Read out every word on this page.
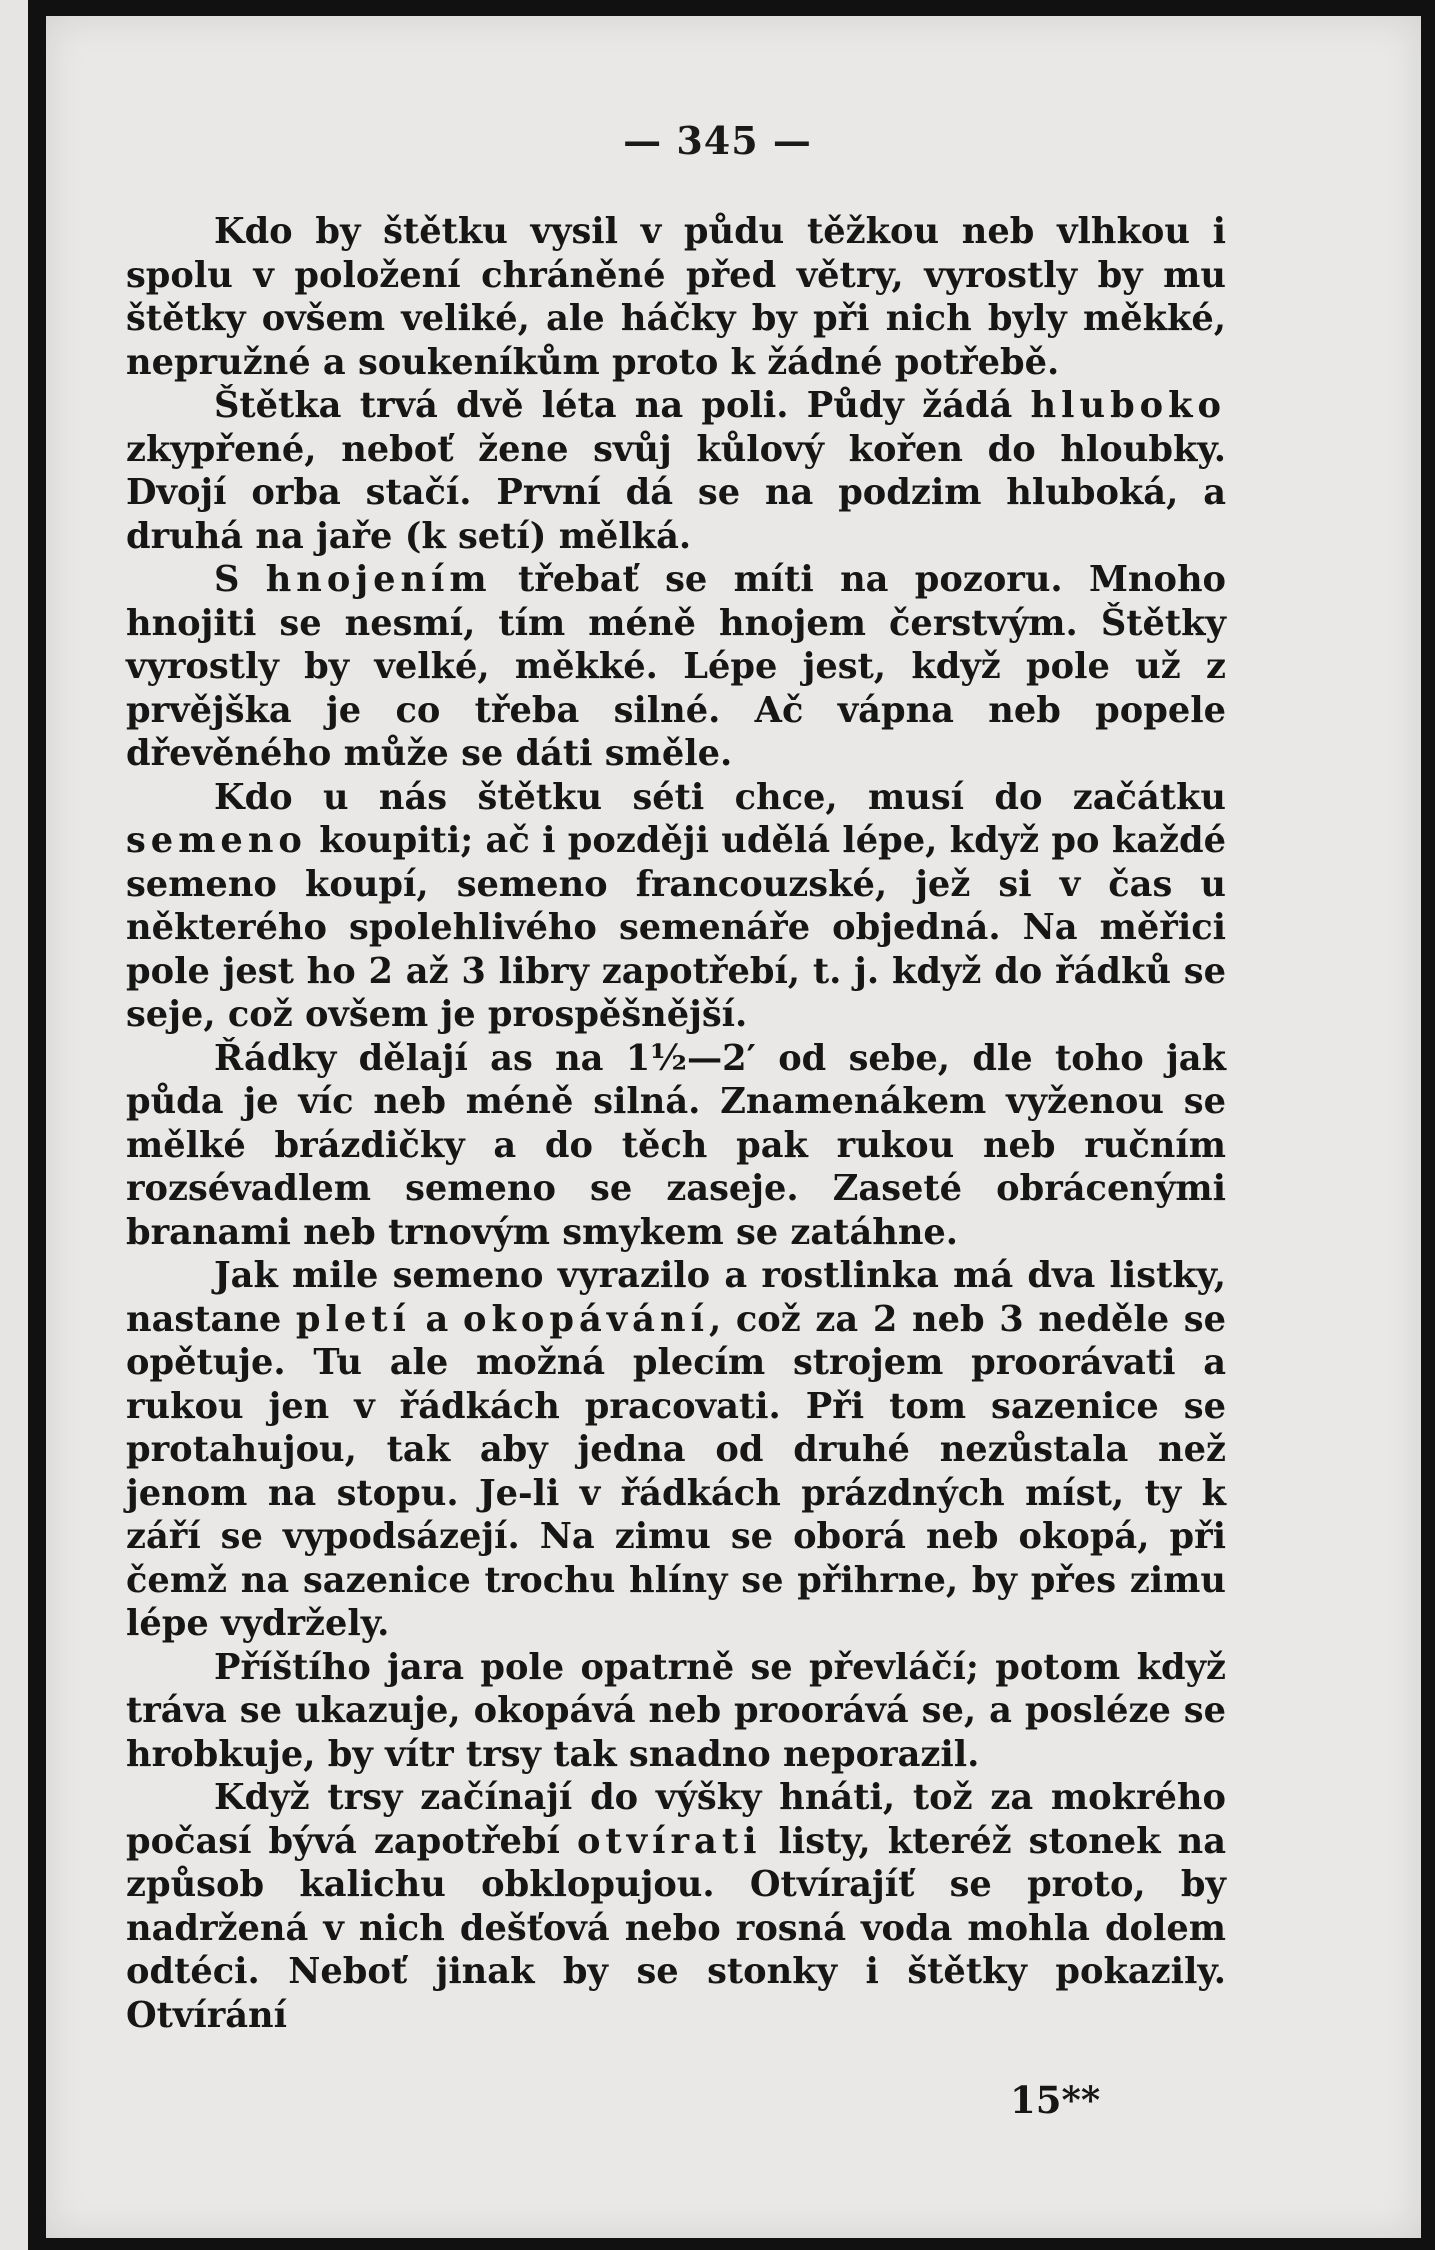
— 345 —

Kdo by štětku vysil v půdu těžkou neb vlhkou i spolu v položení chráněné před větry, vyrostly by mu štětky ovšem veliké, ale háčky by při nich byly měkké, nepružné a soukeníkům proto k žádné potřebě.

Štětka trvá dvě léta na poli. Půdy žádá hluboko zkypřené, neboť žene svůj kůlový kořen do hloubky. Dvojí orba stačí. První dá se na podzim hluboká, a druhá na jaře (k setí) mělká.

S hnojením třebať se míti na pozoru. Mnoho hnojiti se nesmí, tím méně hnojem čerstvým. Štětky vyrostly by velké, měkké. Lépe jest, když pole už z prvějška je co třeba silné. Ač vápna neb popele dřevěného může se dáti směle.

Kdo u nás štětku séti chce, musí do začátku semeno koupiti; ač i později udělá lépe, když po každé semeno koupí, semeno francouzské, jež si v čas u některého spolehlivého semenáře objedná. Na měřici pole jest ho 2 až 3 libry zapotřebí, t. j. když do řádků se seje, což ovšem je prospěšnější.

Řádky dělají as na 1½—2′ od sebe, dle toho jak půda je víc neb méně silná. Znamenákem vyženou se mělké brázdičky a do těch pak rukou neb ručním rozsévadlem semeno se zaseje. Zaseté obrácenými branami neb trnovým smykem se zatáhne.

Jak mile semeno vyrazilo a rostlinka má dva listky, nastane pletí a okopávání, což za 2 neb 3 neděle se opětuje. Tu ale možná plecím strojem proorávati a rukou jen v řádkách pracovati. Při tom sazenice se protahujou, tak aby jedna od druhé nezůstala než jenom na stopu. Je-li v řádkách prázdných míst, ty k září se vypodsázejí. Na zimu se oborá neb okopá, při čemž na sazenice trochu hlíny se přihrne, by přes zimu lépe vydržely.

Příštího jara pole opatrně se převláčí; potom když tráva se ukazuje, okopává neb proorává se, a posléze se hrobkuje, by vítr trsy tak snadno neporazil.

Když trsy začínají do výšky hnáti, tož za mokrého počasí bývá zapotřebí otvírati listy, kteréž stonek na způsob kalichu obklopujou. Otvírajíť se proto, by nadržená v nich dešťová nebo rosná voda mohla dolem odtéci. Neboť jinak by se stonky i štětky pokazily. Otvírání

15**
